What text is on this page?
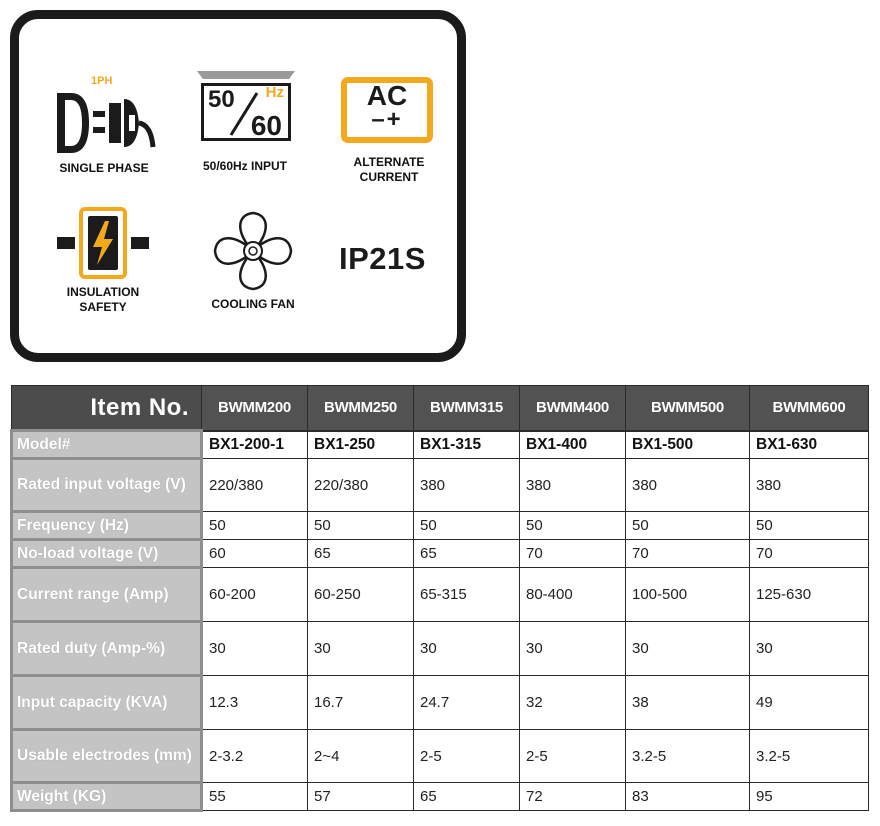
1PH
SINGLE PHASE
50 Hz
60
50/60Hz INPUT
AC
–+
ALTERNATE
CURRENT
INSULATION
SAFETY	COOLING FAN
IP21S
Item No.	BWMM200	BWMM250	BWMM315	BWMM400	BWMM500	BWMM600
Model#	BX1-200-1	BX1-250	BX1-315	BX1-400	BX1-500	BX1-630
Rated input voltage (V)	220/380	220/380	380	380	380	380
Frequency (Hz)	50	50	50	50	50	50
No-load voltage (V)	60	65	65	70	70	70
Current range (Amp)	60-200	60-250	65-315	80-400	100-500	125-630
Rated duty (Amp-%)	30	30	30	30	30	30
Input capacity (KVA)	12.3	16.7	24.7	32	38	49
Usable electrodes (mm)	2-3.2	2~4	2-5	2-5	3.2-5	3.2-5
Weight (KG)	55	57	65	72	83	95
